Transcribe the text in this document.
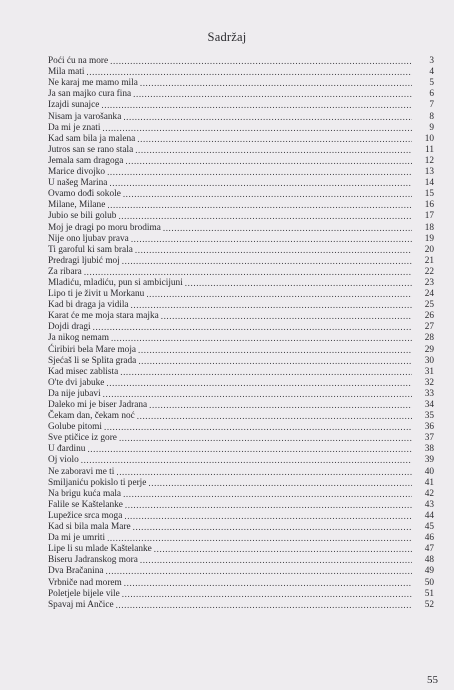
Sadržaj
Poći ću na more .....	3
Mila mati .....	4
Ne karaj me mamo mila .....	5
Ja san majko cura fina .....	6
Izajdi sunajce .....	7
Nisam ja varošanka .....	8
Da mi je znati .....	9
Kad sam bila ja malena .....	10
Jutros san se rano stala .....	11
Jemala sam dragoga .....	12
Marice divojko .....	13
U našeg Marina .....	14
Ovamo dođi sokole .....	15
Milane, Milane .....	16
Jubio se bili golub .....	17
Moj je dragi po moru brodima .....	18
Nije ono ljubav prava .....	19
Ti garoful ki sam brala .....	20
Predragi ljubić moj .....	21
Za ribara .....	22
Mladiću, mladiću, pun si ambicijuni .....	23
Lipo ti je živit u Morkanu .....	24
Kad bi draga ja vidila .....	25
Karat će me moja stara majka .....	26
Dojdi dragi .....	27
Ja nikog nemam .....	28
Ćiribiri bela Mare moja .....	29
Sjećaš li se Splita grada .....	30
Kad misec zablista .....	31
O'te dvi jabuke .....	32
Da nije jubavi .....	33
Daleko mi je biser Jadrana .....	34
Čekam dan, čekam noć .....	35
Golube pitomi .....	36
Sve ptičice iz gore .....	37
U đardinu .....	38
Oj violo .....	39
Ne zaboravi me ti .....	40
Smiljaniću pokislo ti perje .....	41
Na brigu kuća mala .....	42
Falile se Kaštelanke .....	43
Lupežice srca moga .....	44
Kad si bila mala Mare .....	45
Da mi je umriti .....	46
Lipe li su mlade Kaštelanke .....	47
Biseru Jadranskog mora .....	48
Dva Bračanina .....	49
Vrbniče nad morem .....	50
Poletjele bijele vile .....	51
Spavaj mi Ančice .....	52
55
